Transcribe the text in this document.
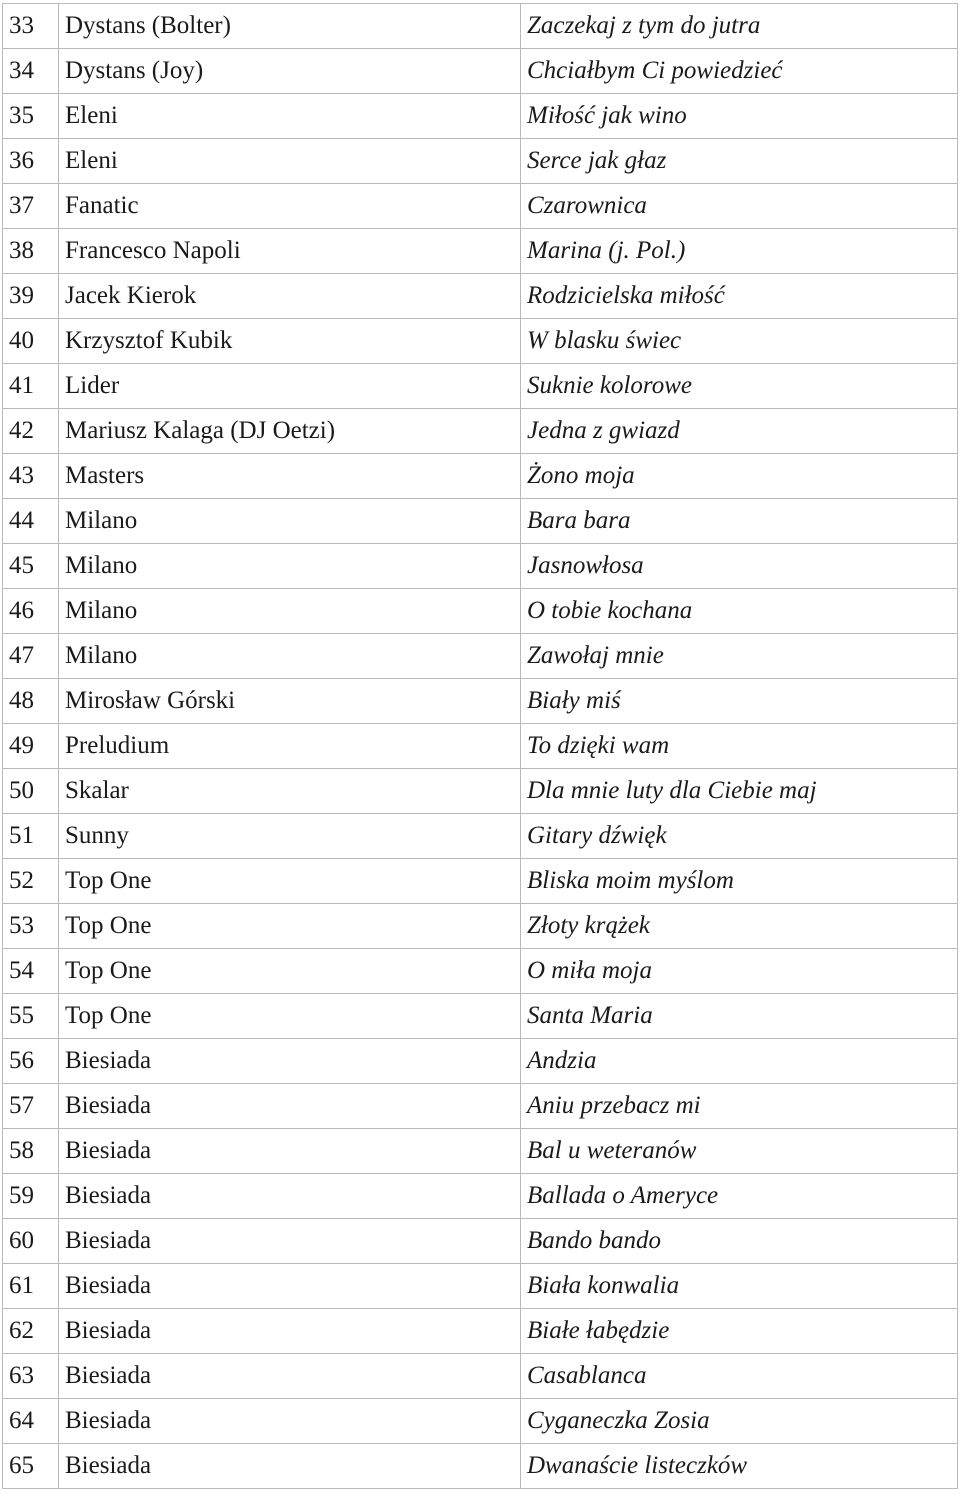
33	Dystans (Bolter)	Zaczekaj z tym do jutra
34	Dystans (Joy)	Chciałbym Ci powiedzieć
35	Eleni	Miłość jak wino
36	Eleni	Serce jak głaz
37	Fanatic	Czarownica
38	Francesco Napoli	Marina (j. Pol.)
39	Jacek Kierok	Rodzicielska miłość
40	Krzysztof Kubik	W blasku świec
41	Lider	Suknie kolorowe
42	Mariusz Kalaga (DJ Oetzi)	Jedna z gwiazd
43	Masters	Żono moja
44	Milano	Bara bara
45	Milano	Jasnowłosa
46	Milano	O tobie kochana
47	Milano	Zawołaj mnie
48	Mirosław Górski	Biały miś
49	Preludium	To dzięki wam
50	Skalar	Dla mnie luty dla Ciebie maj
51	Sunny	Gitary dźwięk
52	Top One	Bliska moim myślom
53	Top One	Złoty krążek
54	Top One	O miła moja
55	Top One	Santa Maria
56	Biesiada	Andzia
57	Biesiada	Aniu przebacz mi
58	Biesiada	Bal u weteranów
59	Biesiada	Ballada o Ameryce
60	Biesiada	Bando bando
61	Biesiada	Biała konwalia
62	Biesiada	Białe łabędzie
63	Biesiada	Casablanca
64	Biesiada	Cyganeczka Zosia
65	Biesiada	Dwanaście listeczków
